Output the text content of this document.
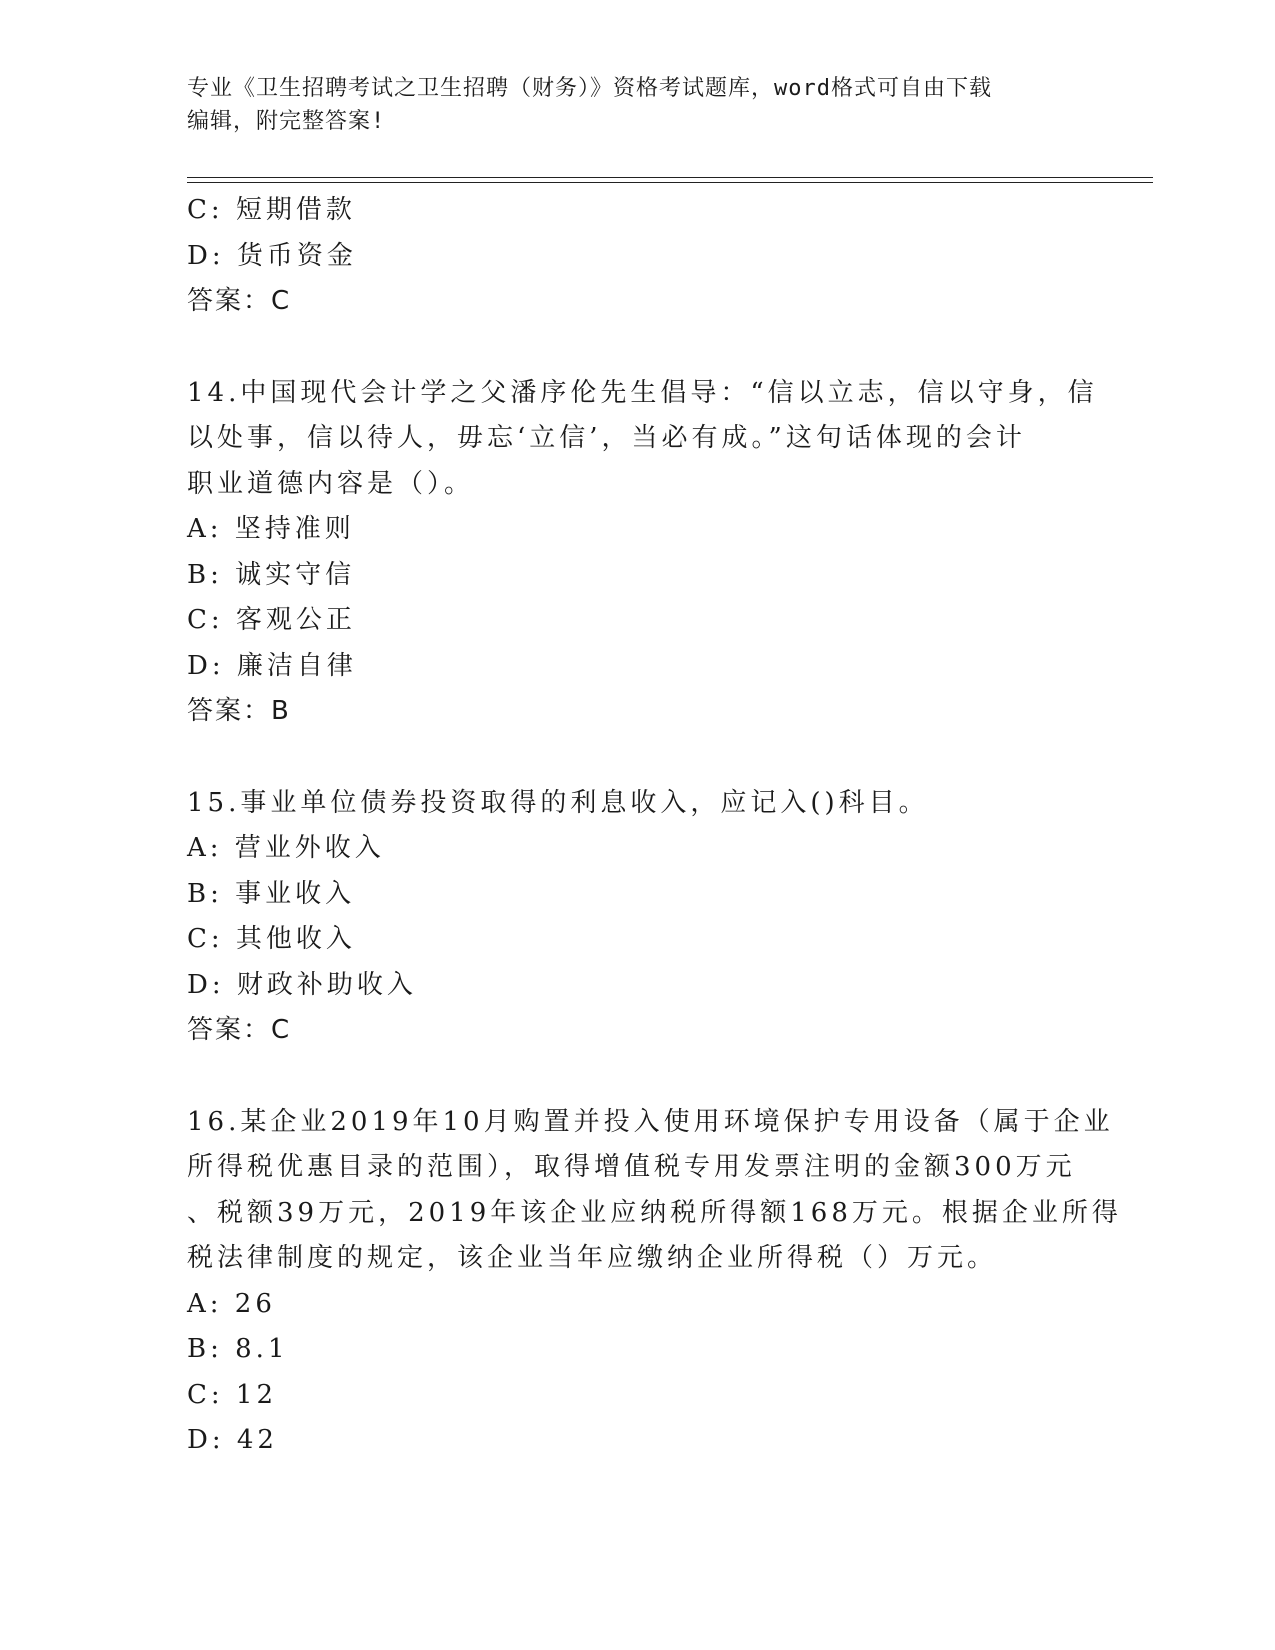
专业《卫生招聘考试之卫生招聘（财务）》资格考试题库，word格式可自由下载
编辑，附完整答案!
C: 短期借款
D: 货币资金
答案：C
14.中国现代会计学之父潘序伦先生倡导：“信以立志，信以守身，信
以处事，信以待人，毋忘‘立信’，当必有成。”这句话体现的会计
职业道德内容是（）。
A: 坚持准则
B: 诚实守信
C: 客观公正
D: 廉洁自律
答案：B
15.事业单位债券投资取得的利息收入，应记入()科目。
A: 营业外收入
B: 事业收入
C: 其他收入
D: 财政补助收入
答案：C
16.某企业2019年10月购置并投入使用环境保护专用设备（属于企业
所得税优惠目录的范围），取得增值税专用发票注明的金额300万元
、税额39万元，2019年该企业应纳税所得额168万元。根据企业所得
税法律制度的规定，该企业当年应缴纳企业所得税（）万元。
A: 26
B: 8.1
C: 12
D: 42
